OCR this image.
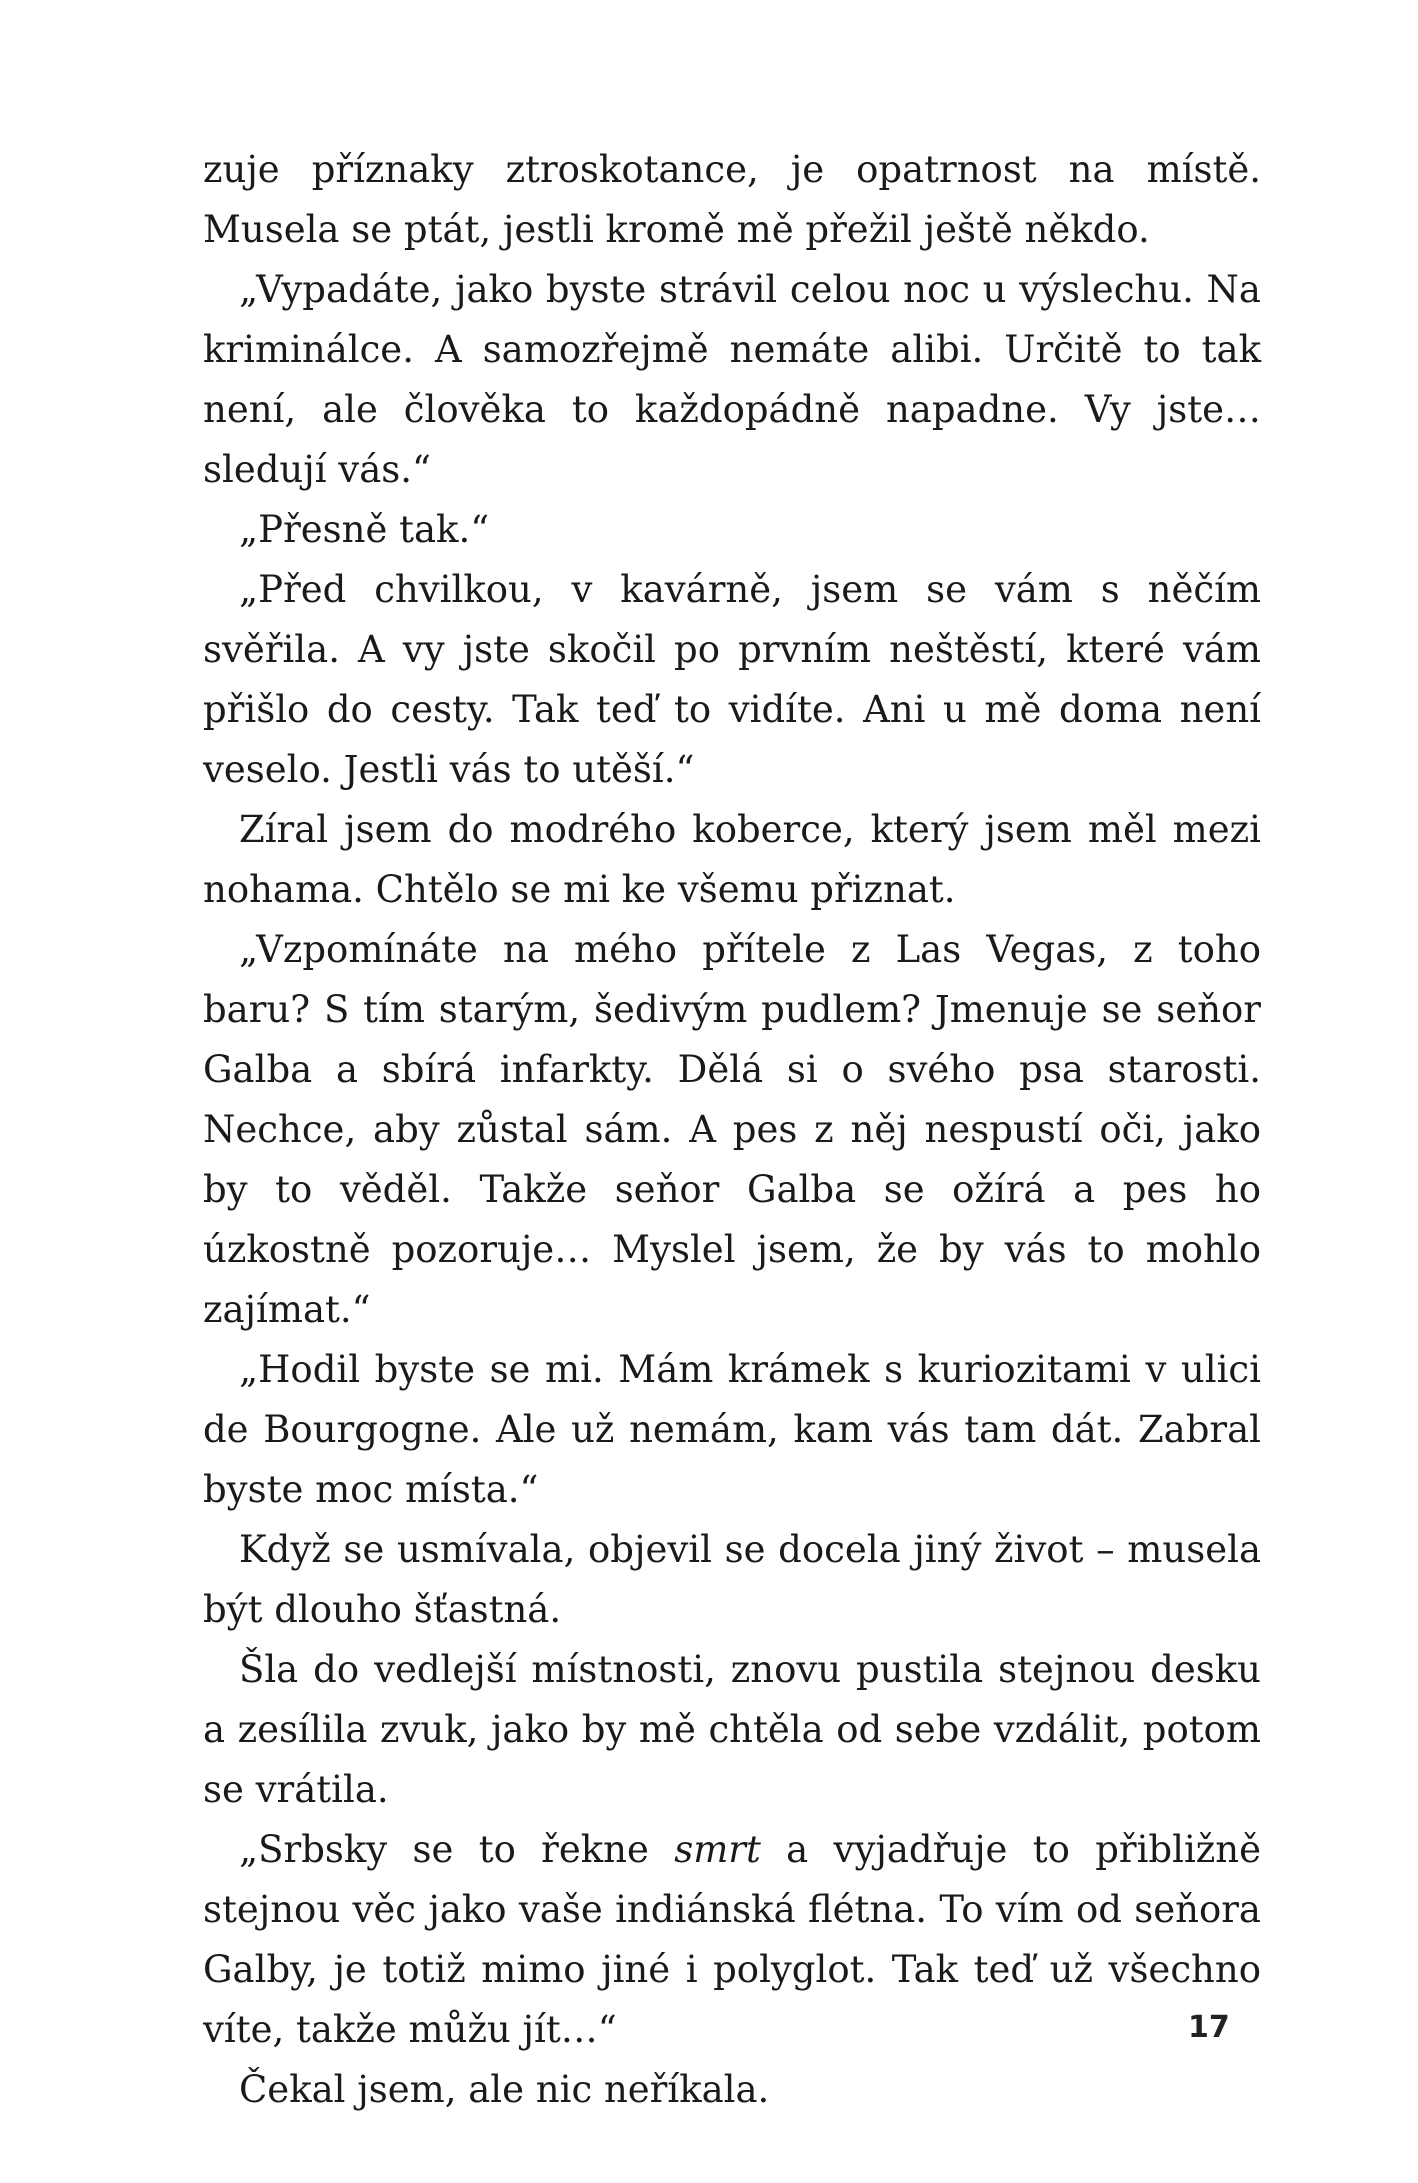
zuje příznaky ztroskotance, je opatrnost na místě. Musela se ptát, jestli kromě mě přežil ještě někdo.

„Vypadáte, jako byste strávil celou noc u výslechu. Na kriminálce. A samozřejmě nemáte alibi. Určitě to tak není, ale člověka to každopádně napadne. Vy jste… sledují vás.“

„Přesně tak.“

„Před chvilkou, v kavárně, jsem se vám s něčím svěřila. A vy jste skočil po prvním neštěstí, které vám přišlo do cesty. Tak teď to vidíte. Ani u mě doma není veselo. Jestli vás to utěší.“

Zíral jsem do modrého koberce, který jsem měl mezi nohama. Chtělo se mi ke všemu přiznat.

„Vzpomínáte na mého přítele z Las Vegas, z toho baru? S tím starým, šedivým pudlem? Jmenuje se seňor Galba a sbírá infarkty. Dělá si o svého psa starosti. Nechce, aby zůstal sám. A pes z něj nespustí oči, jako by to věděl. Takže seňor Galba se ožírá a pes ho úzkostně pozoruje… Myslel jsem, že by vás to mohlo zajímat.“

„Hodil byste se mi. Mám krámek s kuriozitami v ulici de Bourgogne. Ale už nemám, kam vás tam dát. Zabral byste moc místa.“

Když se usmívala, objevil se docela jiný život – musela být dlouho šťastná.

Šla do vedlejší místnosti, znovu pustila stejnou desku a zesílila zvuk, jako by mě chtěla od sebe vzdálit, potom se vrátila.

„Srbsky se to řekne smrt a vyjadřuje to přibližně stejnou věc jako vaše indiánská flétna. To vím od seňora Galby, je totiž mimo jiné i polyglot. Tak teď už všechno víte, takže můžu jít…“

Čekal jsem, ale nic neříkala.

17
